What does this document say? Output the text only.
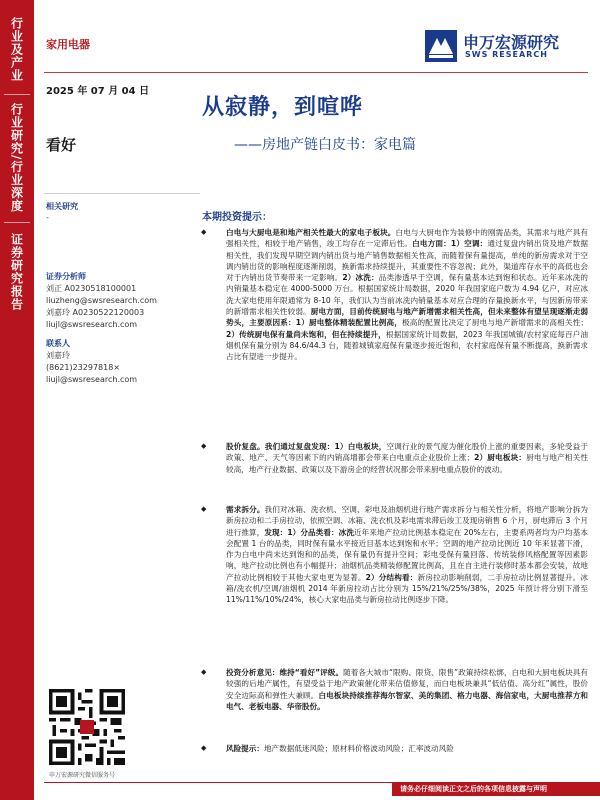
行业及产业
行业研究/行业深度
证券研究报告
家用电器	申万宏源研究
SWS RESEARCH
2025 年 07 月 04 日
看好
从寂静，到喧哗
——房地产链白皮书：家电篇
相关研究
-
证券分析师
刘正 A0230518100001
liuzheng@swsresearch.com
刘嘉玲 A0230522120003
liujl@swsresearch.com
联系人
刘嘉玲
(8621)23297818×
liujl@swsresearch.com
申万宏源研究微信服务号
本期投资提示：
◆	白电与大厨电是和地产相关性最大的家电子板块。白电与大厨电作为装修中的刚需品类，其需求与地产具有强相关性，相较于地产销售，竣工均存在一定滞后性。白电方面：1）空调：通过复盘内销出货及地产数据相关性，我们发现早期空调内销出货与地产销售数据相关性高，而随着保有量提高，单纯的新房需求对于空调内销出货的影响程度逐渐削弱，换新需求持续提升，其重要性不容忽视；此外，渠道库存水平的高低也会对于内销出货节奏带来一定影响。2）冰洗：品类渗透早于空调，保有量基本达到饱和状态。近年来冰洗的内销量基本稳定在 4000-5000 万台。根据国家统计局数据，2020 年我国家庭户数为 4.94 亿户，对应冰洗大家电使用年限通常为 8-10 年，我们认为当前冰洗内销量基本对应合理的存量换新水平，与因新房带来的新增需求相关性较弱。厨电方面，目前传统厨电与地产新增需求相关性高，但未来整体有望呈现逐渐走弱势头，主要原因系：1）厨电整体精装配置比例高，极高的配置比决定了厨电与地产新增需求的高相关性；2）传统厨电保有量尚未饱和，但在持续提升，根据国家统计局数据，2023 年我国城镇/农村家庭每百户油烟机保有量分别为 84.6/44.3 台，随着城镇家庭保有量逐步接近饱和，农村家庭保有量不断提高，换新需求占比有望进一步提升。
◆	股价复盘。我们通过复盘发现：1）白电板块，空调行业的景气度为催化股价上涨的重要因素，多轮受益于政策、地产、天气等因素下的内销高增都会带来白电重点企业股价上涨；2）厨电板块：厨电与地产相关性较高，地产行业数据、政策以及下游房企的经营状况都会带来厨电重点股价的波动。
◆	需求拆分。我们对冰箱、洗衣机、空调、彩电及油烟机进行地产需求拆分与相关性分析，将地产影响分拆为新房拉动和二手房拉动，依照空调、冰箱、洗衣机及彩电需求滞后竣工及现房销售 6 个月，厨电滞后 3 个月进行推算，发现：1）分品类看：冰洗近年来地产拉动比例基本稳定在 20%左右，主要系两者均为户均基本会配置 1 台的品类，同时保有量水平接近目基本达到饱和水平；空调的地产拉动比例近 10 年来显著下滑，作为白电中尚未达到饱和的品类，保有量仍有提升空间；彩电受保有量回落、传统装修风格配置等因素影响，地产拉动比例也有小幅提升；油烟机品类精装修配置比例高，且在自主进行装修时基本都会安装，故地产拉动比例相较于其他大家电更为显著。2）分结构看：新房拉动影响削弱，二手房拉动比例显著提升。冰箱/洗衣机/空调/油烟机 2014 年新房拉动占比分别为 15%/21%/25%/38%，2025 年预计将分别下滑至 11%/11%/10%/24%，核心大家电品类与新房拉动比例逐步下降。
◆	投资分析意见：维持“看好”评级。随着各大城市“限购、限贷、限售”政策持续松绑，白电和大厨电板块具有较强的后地产属性，有望受益于地产政策催化带来估值修复，而白电板块兼具“低估值、高分红”属性，股价安全边际高和弹性大兼顾。白电板块持续推荐海尔智家、美的集团、格力电器、海信家电，大厨电推荐方和电气、老板电器、华帝股份。
◆	风险提示：地产数据低迷风险；原材料价格波动风险；汇率波动风险
请务必仔细阅读正文之后的各项信息披露与声明
